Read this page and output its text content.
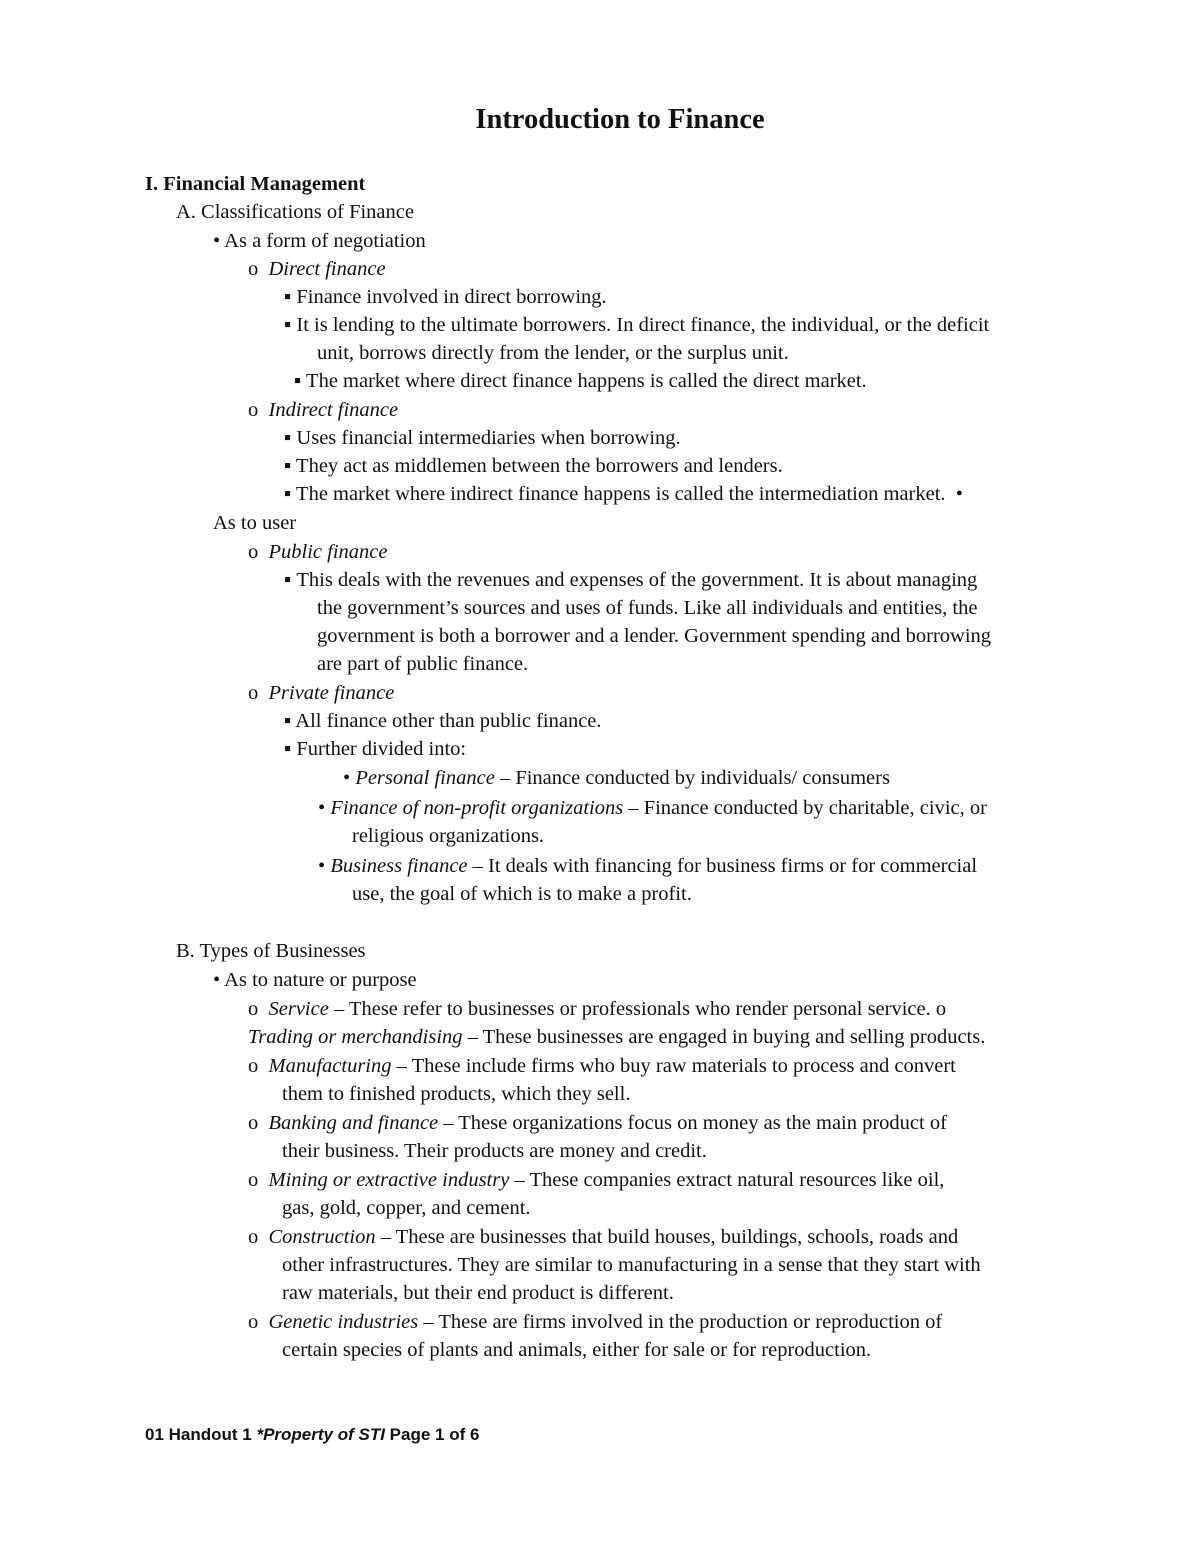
Introduction to Finance
I. Financial Management
A. Classifications of Finance
• As a form of negotiation
o Direct finance
▪ Finance involved in direct borrowing.
▪ It is lending to the ultimate borrowers. In direct finance, the individual, or the deficit
unit, borrows directly from the lender, or the surplus unit.
▪ The market where direct finance happens is called the direct market.
o Indirect finance
▪ Uses financial intermediaries when borrowing.
▪ They act as middlemen between the borrowers and lenders.
▪ The market where indirect finance happens is called the intermediation market. •
As to user
o Public finance
▪ This deals with the revenues and expenses of the government. It is about managing
the government’s sources and uses of funds. Like all individuals and entities, the
government is both a borrower and a lender. Government spending and borrowing
are part of public finance.
o Private finance
▪ All finance other than public finance.
▪ Further divided into:
• Personal finance – Finance conducted by individuals/ consumers
• Finance of non-profit organizations – Finance conducted by charitable, civic, or
religious organizations.
• Business finance – It deals with financing for business firms or for commercial
use, the goal of which is to make a profit.
B. Types of Businesses
• As to nature or purpose
o Service – These refer to businesses or professionals who render personal service. o
Trading or merchandising – These businesses are engaged in buying and selling products.
o Manufacturing – These include firms who buy raw materials to process and convert
them to finished products, which they sell.
o Banking and finance – These organizations focus on money as the main product of
their business. Their products are money and credit.
o Mining or extractive industry – These companies extract natural resources like oil,
gas, gold, copper, and cement.
o Construction – These are businesses that build houses, buildings, schools, roads and
other infrastructures. They are similar to manufacturing in a sense that they start with
raw materials, but their end product is different.
o Genetic industries – These are firms involved in the production or reproduction of
certain species of plants and animals, either for sale or for reproduction.
01 Handout 1 *Property of STI Page 1 of 6
